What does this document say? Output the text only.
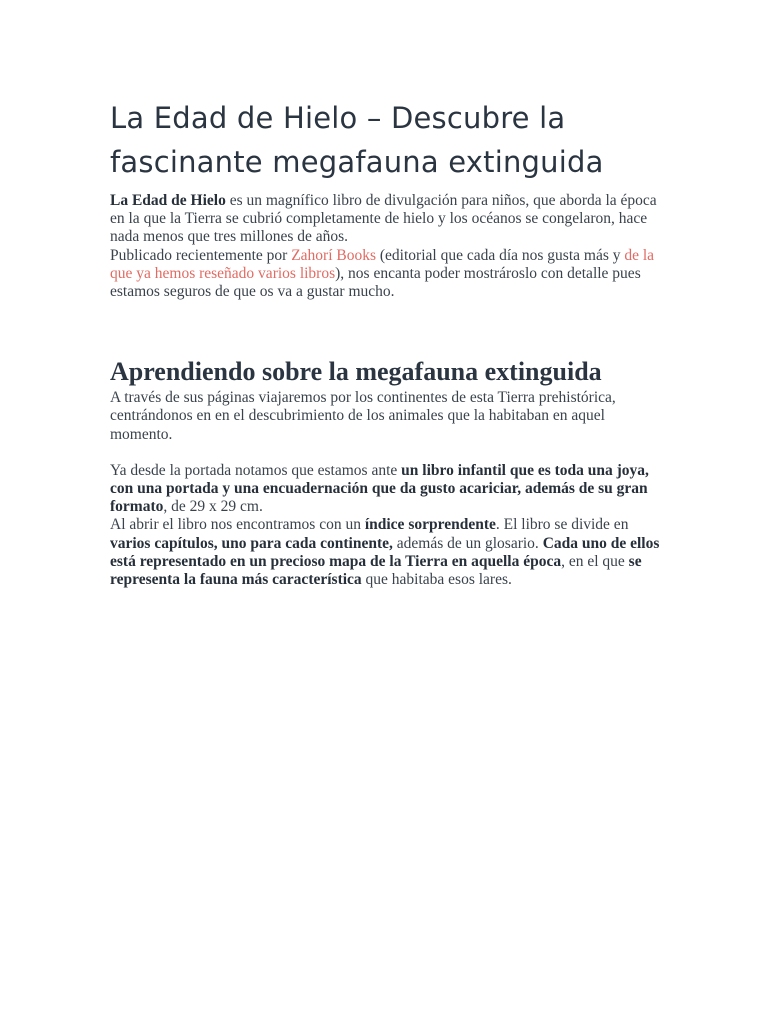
La Edad de Hielo – Descubre la fascinante megafauna extinguida

La Edad de Hielo es un magnífico libro de divulgación para niños, que aborda la época en la que la Tierra se cubrió completamente de hielo y los océanos se congelaron, hace nada menos que tres millones de años.
Publicado recientemente por Zahorí Books (editorial que cada día nos gusta más y de la que ya hemos reseñado varios libros), nos encanta poder mostrároslo con detalle pues estamos seguros de que os va a gustar mucho.

Aprendiendo sobre la megafauna extinguida

A través de sus páginas viajaremos por los continentes de esta Tierra prehistórica, centrándonos en en el descubrimiento de los animales que la habitaban en aquel momento.

Ya desde la portada notamos que estamos ante un libro infantil que es toda una joya, con una portada y una encuadernación que da gusto acariciar, además de su gran formato, de 29 x 29 cm.
Al abrir el libro nos encontramos con un índice sorprendente. El libro se divide en varios capítulos, uno para cada continente, además de un glosario. Cada uno de ellos está representado en un precioso mapa de la Tierra en aquella época, en el que se representa la fauna más característica que habitaba esos lares.
